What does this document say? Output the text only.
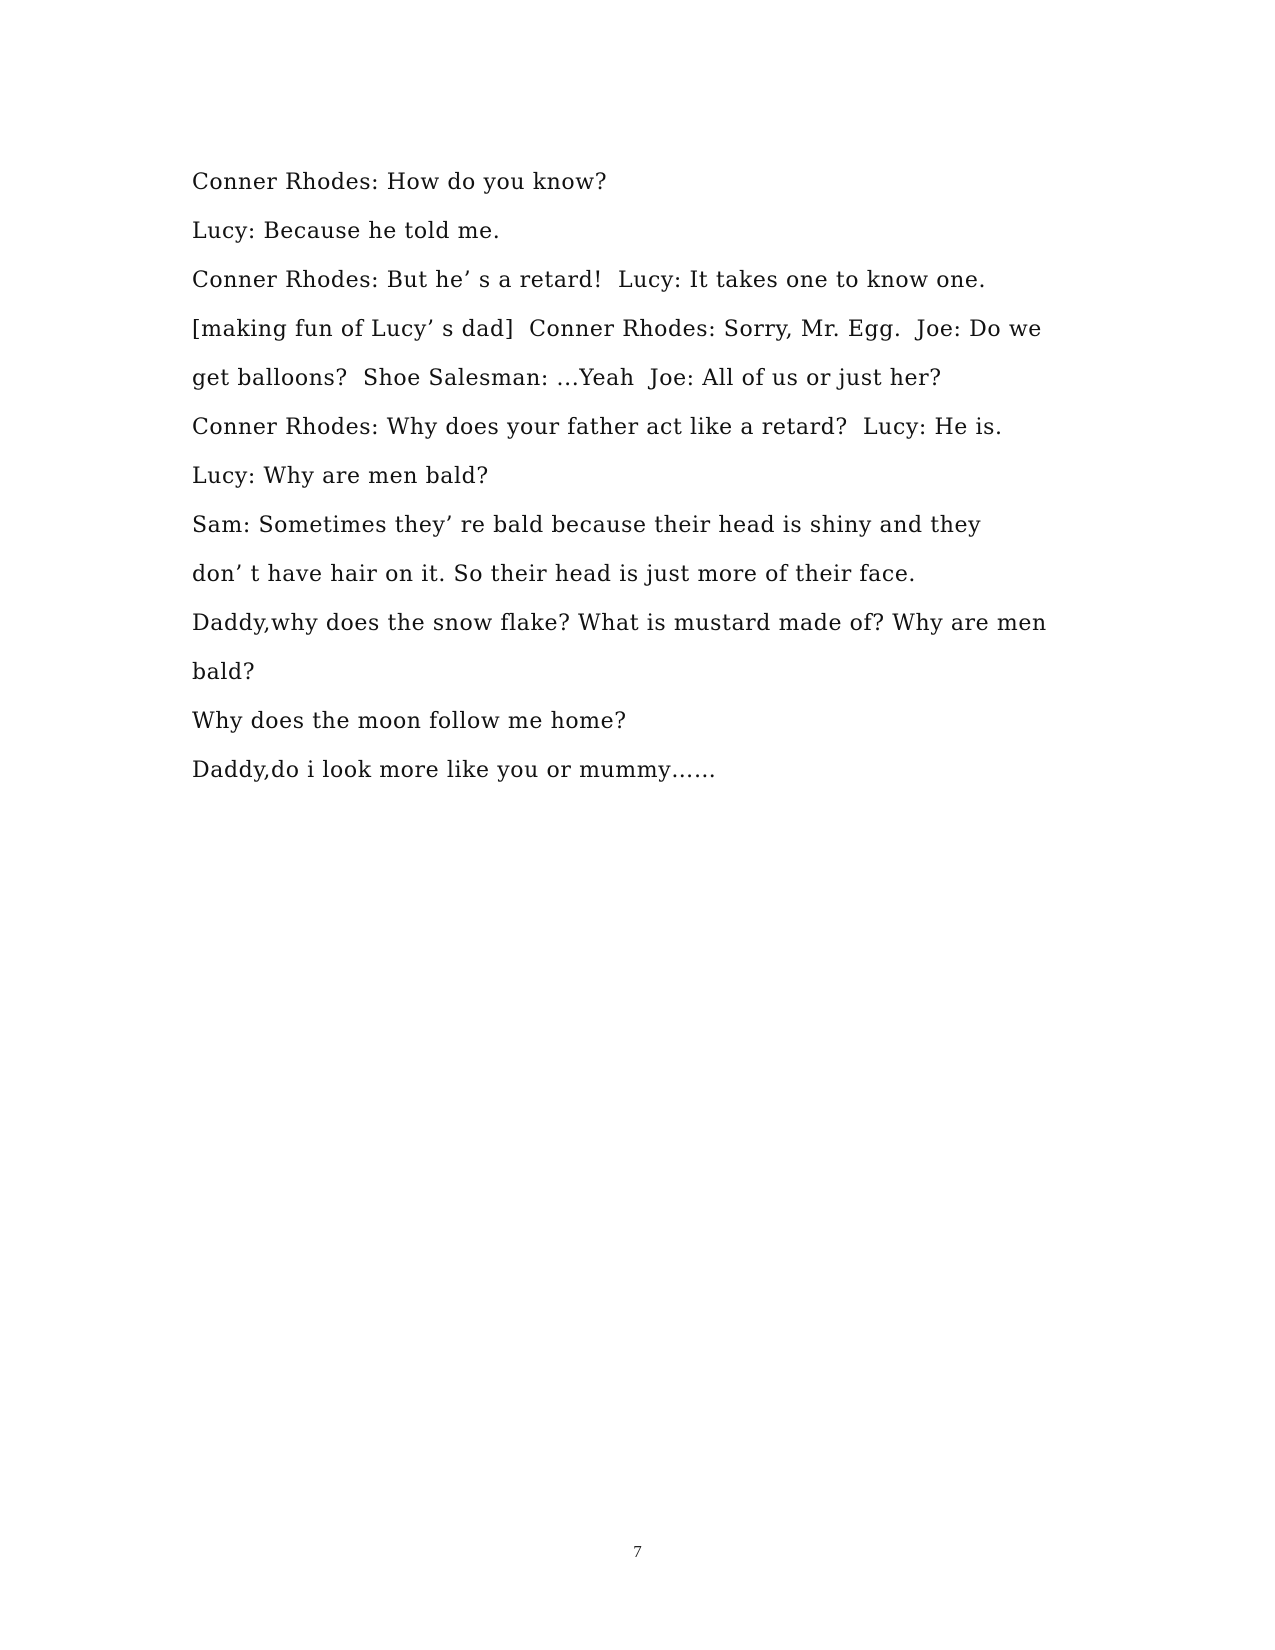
Conner Rhodes: How do you know?
Lucy: Because he told me.
Conner Rhodes: But he’ s a retard!  Lucy: It takes one to know one.
[making fun of Lucy’ s dad]  Conner Rhodes: Sorry, Mr. Egg.  Joe: Do we
get balloons?  Shoe Salesman: ...Yeah  Joe: All of us or just her?
Conner Rhodes: Why does your father act like a retard?  Lucy: He is.
Lucy: Why are men bald?
Sam: Sometimes they’ re bald because their head is shiny and they
don’ t have hair on it. So their head is just more of their face.
Daddy,why does the snow flake? What is mustard made of? Why are men
bald?
Why does the moon follow me home?
Daddy,do i look more like you or mummy……
7
